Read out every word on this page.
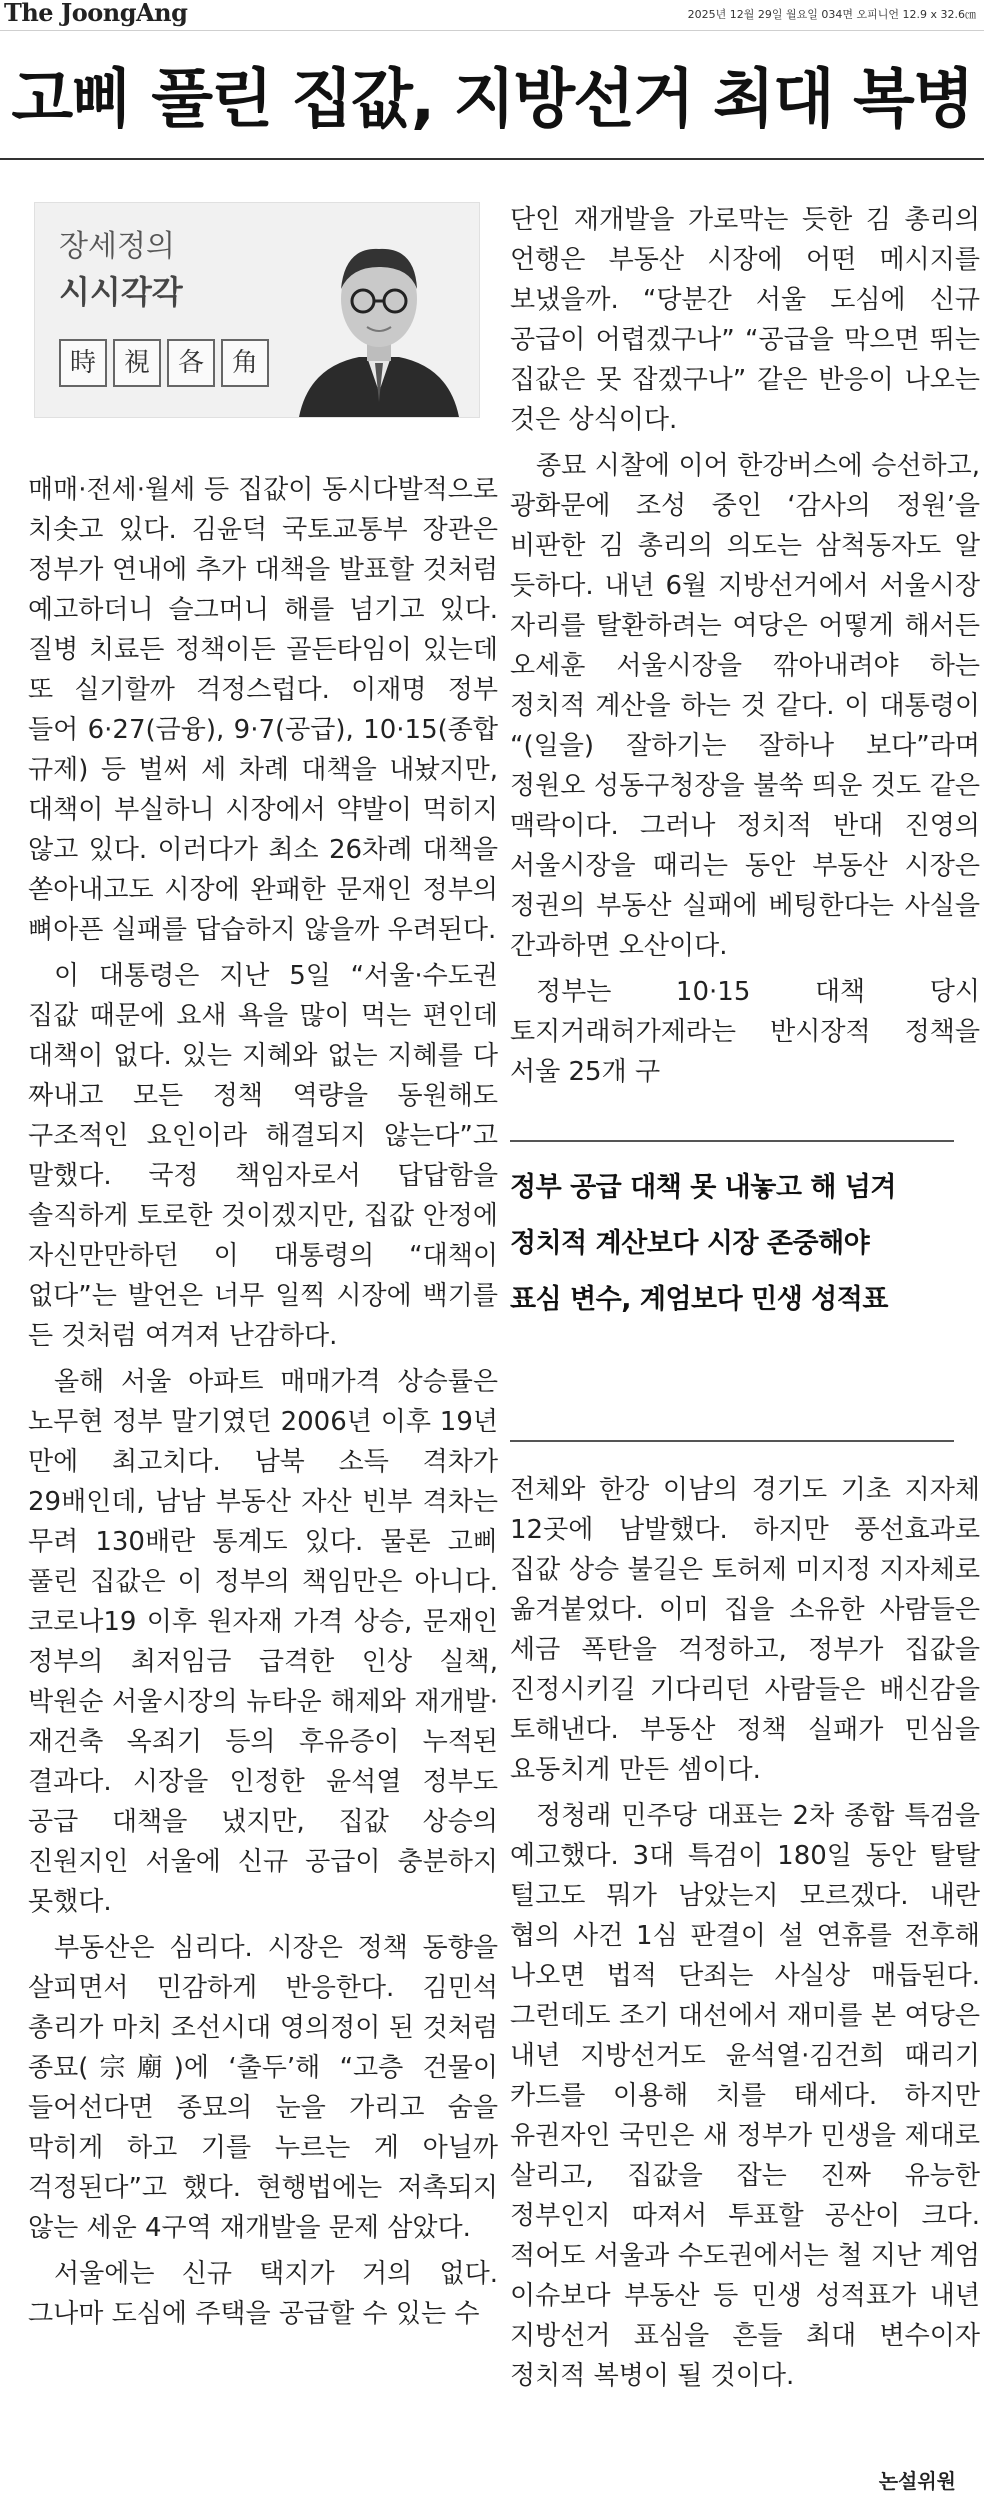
The JoongAng	2025년 12월 29일 월요일 034면 오피니언 12.9 x 32.6㎝
고삐 풀린 집값, 지방선거 최대 복병
장세정의
시시각각
時	視	各	角

매매·전세·월세 등 집값이 동시다발적으로 치솟고 있다. 김윤덕 국토교통부 장관은 정부가 연내에 추가 대책을 발표할 것처럼 예고하더니 슬그머니 해를 넘기고 있다. 질병 치료든 정책이든 골든타임이 있는데 또 실기할까 걱정스럽다. 이재명 정부 들어 6·27(금융), 9·7(공급), 10·15(종합 규제) 등 벌써 세 차례 대책을 내놨지만, 대책이 부실하니 시장에서 약발이 먹히지 않고 있다. 이러다가 최소 26차례 대책을 쏟아내고도 시장에 완패한 문재인 정부의 뼈아픈 실패를 답습하지 않을까 우려된다.

이 대통령은 지난 5일 “서울·수도권 집값 때문에 요새 욕을 많이 먹는 편인데 대책이 없다. 있는 지혜와 없는 지혜를 다 짜내고 모든 정책 역량을 동원해도 구조적인 요인이라 해결되지 않는다”고 말했다. 국정 책임자로서 답답함을 솔직하게 토로한 것이겠지만, 집값 안정에 자신만만하던 이 대통령의 “대책이 없다”는 발언은 너무 일찍 시장에 백기를 든 것처럼 여겨져 난감하다.

올해 서울 아파트 매매가격 상승률은 노무현 정부 말기였던 2006년 이후 19년 만에 최고치다. 남북 소득 격차가 29배인데, 남남 부동산 자산 빈부 격차는 무려 130배란 통계도 있다. 물론 고삐 풀린 집값은 이 정부의 책임만은 아니다. 코로나19 이후 원자재 가격 상승, 문재인 정부의 최저임금 급격한 인상 실책, 박원순 서울시장의 뉴타운 해제와 재개발·재건축 옥죄기 등의 후유증이 누적된 결과다. 시장을 인정한 윤석열 정부도 공급 대책을 냈지만, 집값 상승의 진원지인 서울에 신규 공급이 충분하지 못했다.

부동산은 심리다. 시장은 정책 동향을 살피면서 민감하게 반응한다. 김민석 총리가 마치 조선시대 영의정이 된 것처럼 종묘(宗廟)에 ‘출두’해 “고층 건물이 들어선다면 종묘의 눈을 가리고 숨을 막히게 하고 기를 누르는 게 아닐까 걱정된다”고 했다. 현행법에는 저촉되지 않는 세운 4구역 재개발을 문제 삼았다.

서울에는 신규 택지가 거의 없다. 그나마 도심에 주택을 공급할 수 있는 수

단인 재개발을 가로막는 듯한 김 총리의 언행은 부동산 시장에 어떤 메시지를 보냈을까. “당분간 서울 도심에 신규 공급이 어렵겠구나” “공급을 막으면 뛰는 집값은 못 잡겠구나” 같은 반응이 나오는 것은 상식이다.

종묘 시찰에 이어 한강버스에 승선하고, 광화문에 조성 중인 ‘감사의 정원’을 비판한 김 총리의 의도는 삼척동자도 알 듯하다. 내년 6월 지방선거에서 서울시장 자리를 탈환하려는 여당은 어떻게 해서든 오세훈 서울시장을 깎아내려야 하는 정치적 계산을 하는 것 같다. 이 대통령이 “(일을) 잘하기는 잘하나 보다”라며 정원오 성동구청장을 불쑥 띄운 것도 같은 맥락이다. 그러나 정치적 반대 진영의 서울시장을 때리는 동안 부동산 시장은 정권의 부동산 실패에 베팅한다는 사실을 간과하면 오산이다.

정부는 10·15 대책 당시 토지거래허가제라는 반시장적 정책을 서울 25개 구

정부 공급 대책 못 내놓고 해 넘겨
정치적 계산보다 시장 존중해야
표심 변수, 계엄보다 민생 성적표

전체와 한강 이남의 경기도 기초 지자체 12곳에 남발했다. 하지만 풍선효과로 집값 상승 불길은 토허제 미지정 지자체로 옮겨붙었다. 이미 집을 소유한 사람들은 세금 폭탄을 걱정하고, 정부가 집값을 진정시키길 기다리던 사람들은 배신감을 토해낸다. 부동산 정책 실패가 민심을 요동치게 만든 셈이다.

정청래 민주당 대표는 2차 종합 특검을 예고했다. 3대 특검이 180일 동안 탈탈 털고도 뭐가 남았는지 모르겠다. 내란 협의 사건 1심 판결이 설 연휴를 전후해 나오면 법적 단죄는 사실상 매듭된다. 그런데도 조기 대선에서 재미를 본 여당은 내년 지방선거도 윤석열·김건희 때리기 카드를 이용해 치를 태세다. 하지만 유권자인 국민은 새 정부가 민생을 제대로 살리고, 집값을 잡는 진짜 유능한 정부인지 따져서 투표할 공산이 크다. 적어도 서울과 수도권에서는 철 지난 계엄 이슈보다 부동산 등 민생 성적표가 내년 지방선거 표심을 흔들 최대 변수이자 정치적 복병이 될 것이다.

논설위원
